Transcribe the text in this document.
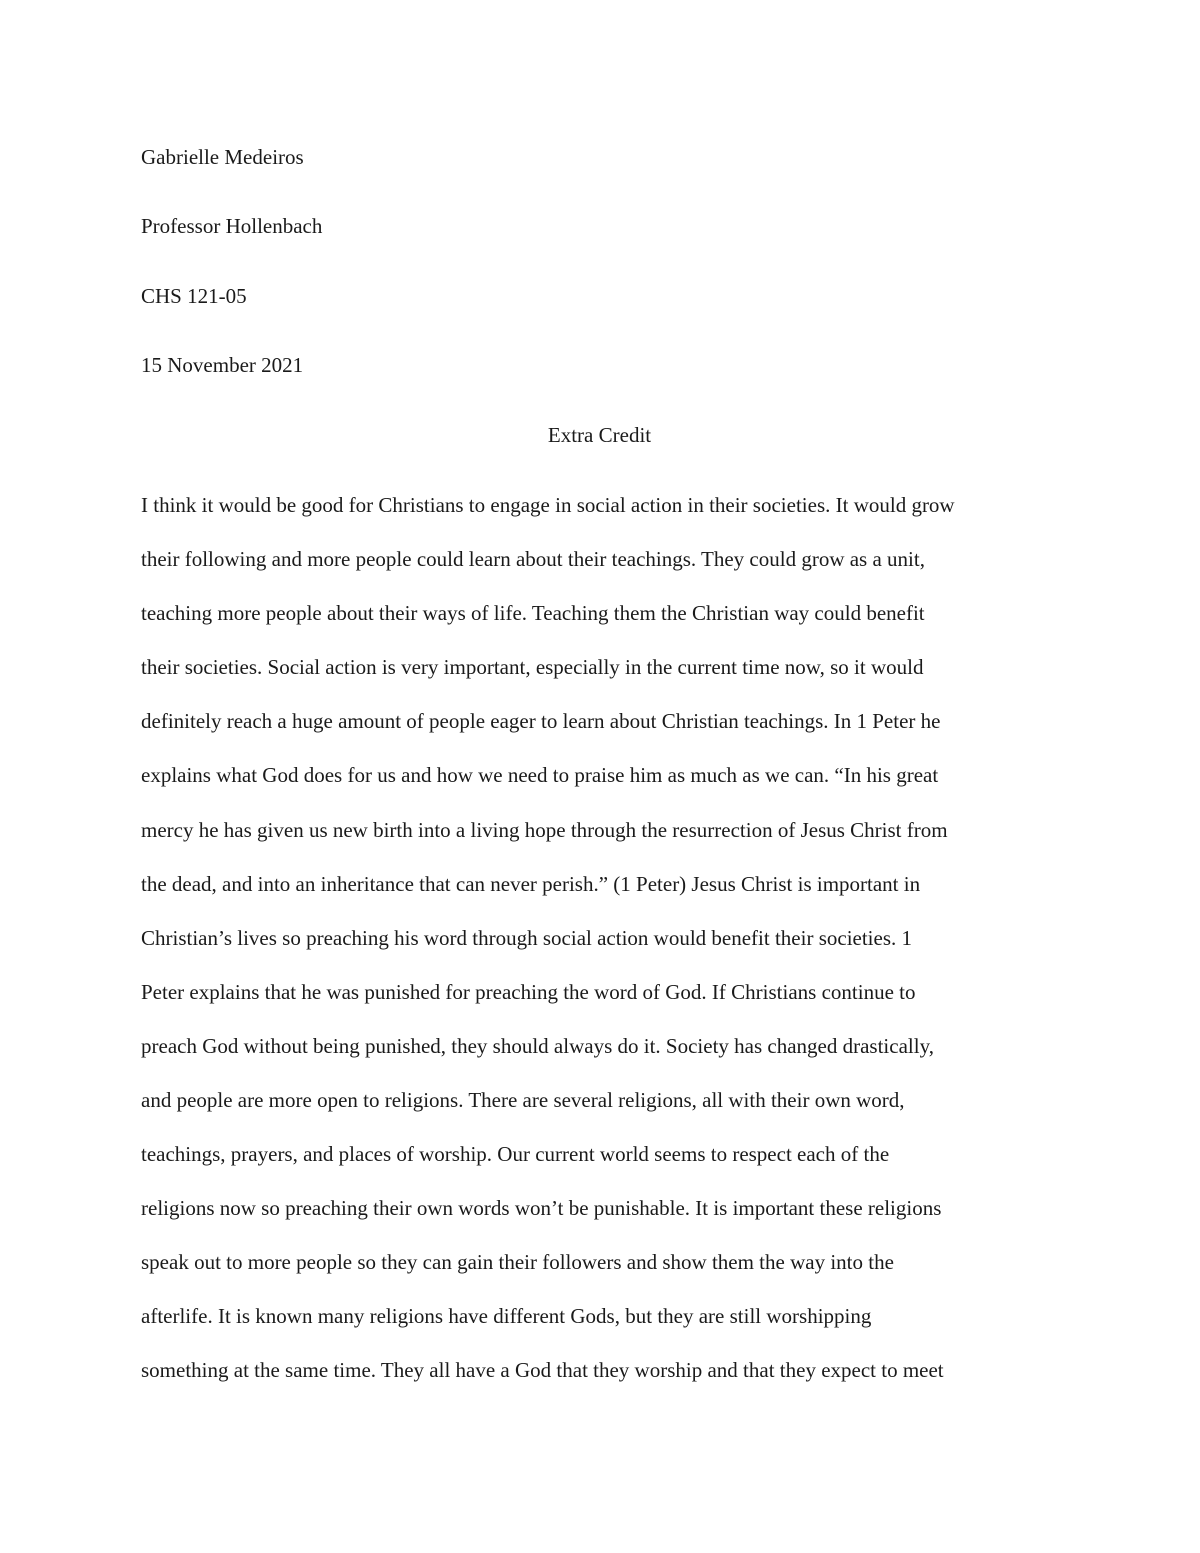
Gabrielle Medeiros
Professor Hollenbach
CHS 121-05
15 November 2021
Extra Credit
I think it would be good for Christians to engage in social action in their societies. It would grow
their following and more people could learn about their teachings. They could grow as a unit,
teaching more people about their ways of life. Teaching them the Christian way could benefit
their societies. Social action is very important, especially in the current time now, so it would
definitely reach a huge amount of people eager to learn about Christian teachings. In 1 Peter he
explains what God does for us and how we need to praise him as much as we can. “In his great
mercy he has given us new birth into a living hope through the resurrection of Jesus Christ from
the dead, and into an inheritance that can never perish.” (1 Peter) Jesus Christ is important in
Christian’s lives so preaching his word through social action would benefit their societies. 1
Peter explains that he was punished for preaching the word of God. If Christians continue to
preach God without being punished, they should always do it. Society has changed drastically,
and people are more open to religions. There are several religions, all with their own word,
teachings, prayers, and places of worship. Our current world seems to respect each of the
religions now so preaching their own words won’t be punishable. It is important these religions
speak out to more people so they can gain their followers and show them the way into the
afterlife. It is known many religions have different Gods, but they are still worshipping
something at the same time. They all have a God that they worship and that they expect to meet
